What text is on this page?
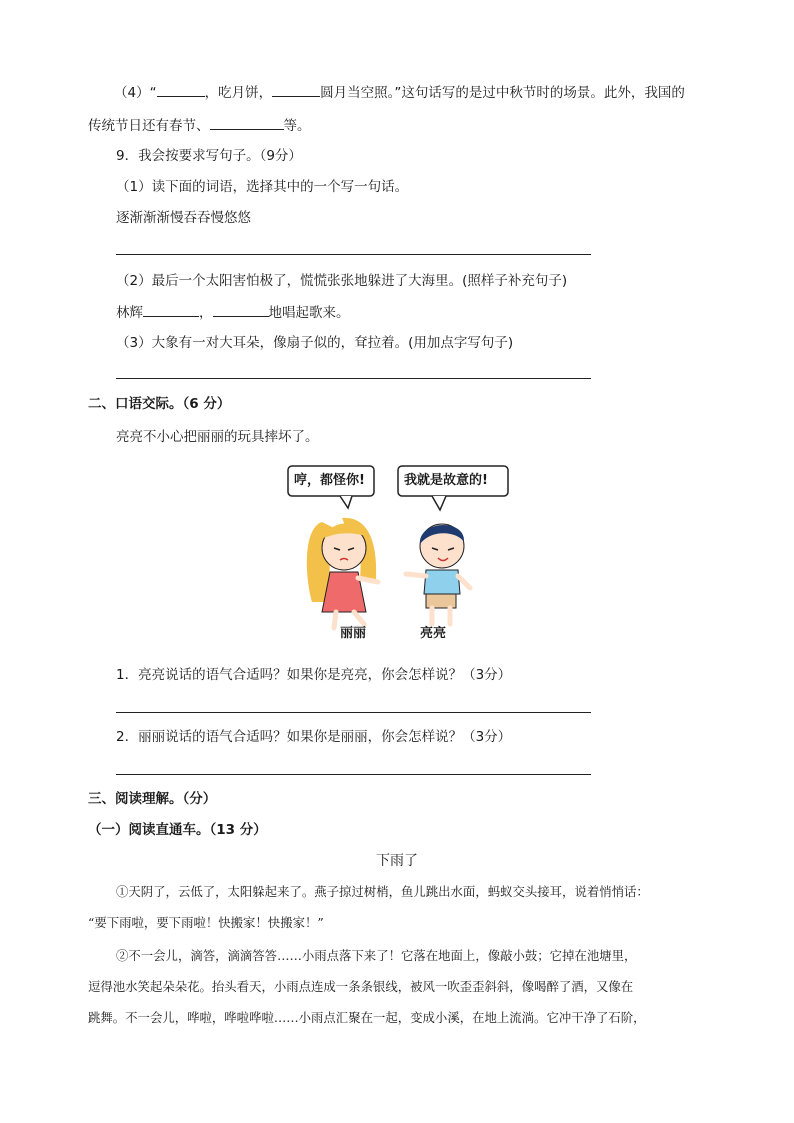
（4）“	，吃月饼，	圆月当空照。”这句话写的是过中秋节时的场景。此外，我国的
传统节日还有春节、	等。
9．我会按要求写句子。（9分）
（1）读下面的词语，选择其中的一个写一句话。
逐渐渐渐慢吞吞慢悠悠
（2）最后一个太阳害怕极了，慌慌张张地躲进了大海里。(照样子补充句子)
林辉	，	地唱起歌来。
（3）大象有一对大耳朵，像扇子似的，耷拉着。(用加点字写句子)
二、口语交际。（6 分）
亮亮不小心把丽丽的玩具摔坏了。
哼，都怪你!	我就是故意的!
丽丽	亮亮
1．亮亮说话的语气合适吗？如果你是亮亮，你会怎样说？（3分）
2．丽丽说话的语气合适吗？如果你是丽丽，你会怎样说？（3分）
三、阅读理解。（分）
（一）阅读直通车。（13 分）
下雨了
①天阴了，云低了，太阳躲起来了。燕子掠过树梢，鱼儿跳出水面，蚂蚁交头接耳，说着悄悄话：
“要下雨啦，要下雨啦！快搬家！快搬家！”
②不一会儿，滴答，滴滴答答……小雨点落下来了！它落在地面上，像敲小鼓；它掉在池塘里，
逗得池水笑起朵朵花。抬头看天，小雨点连成一条条银线，被风一吹歪歪斜斜，像喝醉了酒，又像在
跳舞。不一会儿，哗啦，哗啦哗啦……小雨点汇聚在一起，变成小溪，在地上流淌。它冲干净了石阶，
